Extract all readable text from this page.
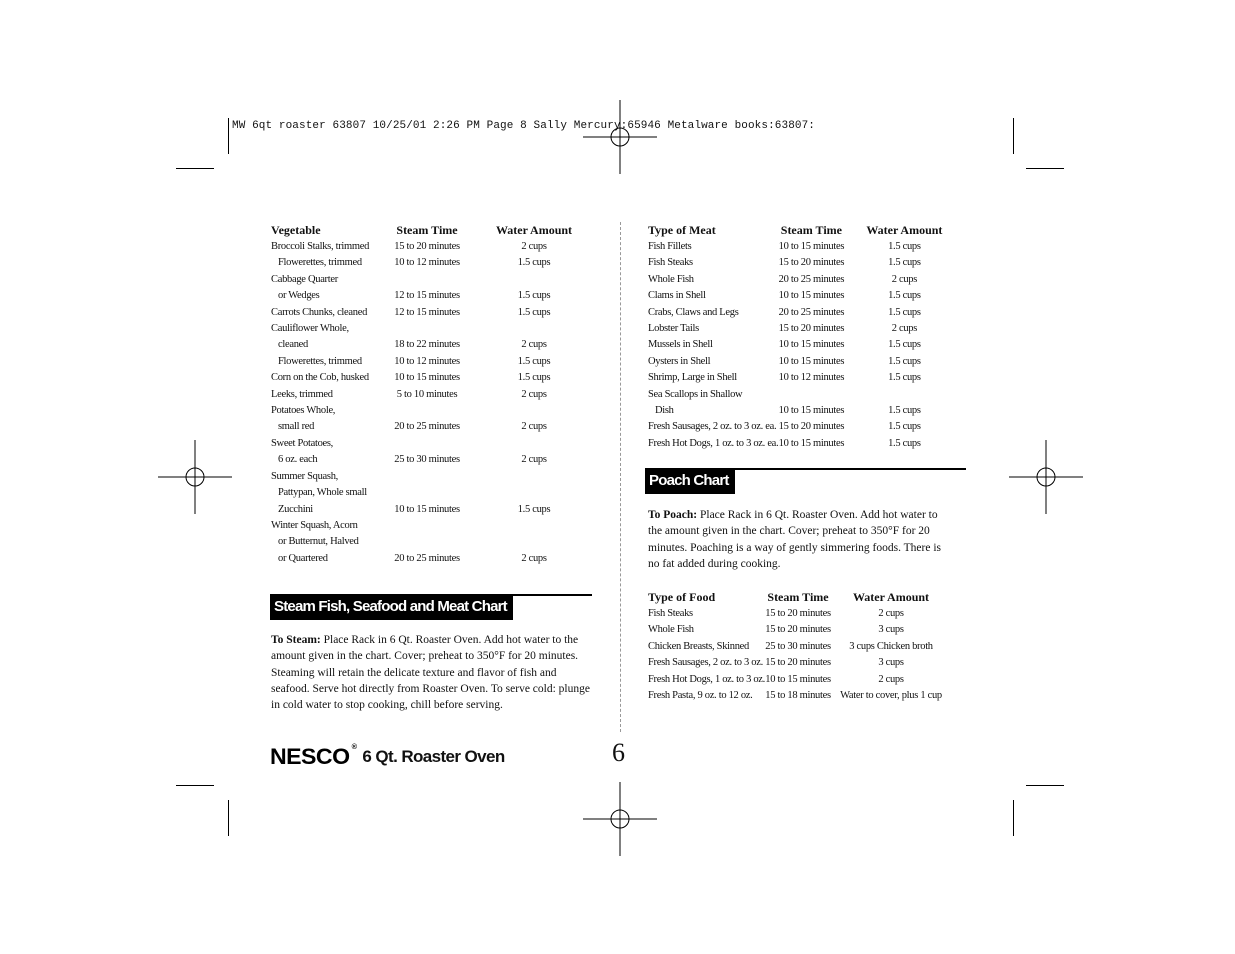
MW 6qt roaster 63807 10/25/01 2:26 PM Page 8 Sally Mercury:65946 Metalware books:63807:
Vegetable	Steam Time	Water Amount
Broccoli Stalks, trimmed	15 to 20 minutes	2 cups
Flowerettes, trimmed	10 to 12 minutes	1.5 cups
Cabbage Quarter		
or Wedges	12 to 15 minutes	1.5 cups
Carrots Chunks, cleaned	12 to 15 minutes	1.5 cups
Cauliflower Whole,		
cleaned	18 to 22 minutes	2 cups
Flowerettes, trimmed	10 to 12 minutes	1.5 cups
Corn on the Cob, husked	10 to 15 minutes	1.5 cups
Leeks, trimmed	5 to 10 minutes	2 cups
Potatoes Whole,		
small red	20 to 25 minutes	2 cups
Sweet Potatoes,		
6 oz. each	25 to 30 minutes	2 cups
Summer Squash,		
Pattypan, Whole small		
Zucchini	10 to 15 minutes	1.5 cups
Winter Squash, Acorn		
or Butternut, Halved		
or Quartered	20 to 25 minutes	2 cups
Steam Fish, Seafood and Meat Chart
To Steam: Place Rack in 6 Qt. Roaster Oven. Add hot water to the amount given in the chart. Cover; preheat to 350°F for 20 minutes. Steaming will retain the delicate texture and flavor of fish and seafood. Serve hot directly from Roaster Oven. To serve cold: plunge in cold water to stop cooking, chill before serving.
Type of Meat	Steam Time	Water Amount
Fish Fillets	10 to 15 minutes	1.5 cups
Fish Steaks	15 to 20 minutes	1.5 cups
Whole Fish	20 to 25 minutes	2 cups
Clams in Shell	10 to 15 minutes	1.5 cups
Crabs, Claws and Legs	20 to 25 minutes	1.5 cups
Lobster Tails	15 to 20 minutes	2 cups
Mussels in Shell	10 to 15 minutes	1.5 cups
Oysters in Shell	10 to 15 minutes	1.5 cups
Shrimp, Large in Shell	10 to 12 minutes	1.5 cups
Sea Scallops in Shallow		
Dish	10 to 15 minutes	1.5 cups
Fresh Sausages, 2 oz. to 3 oz. ea.	15 to 20 minutes	1.5 cups
Fresh Hot Dogs, 1 oz. to 3 oz. ea.	10 to 15 minutes	1.5 cups
Poach Chart
To Poach: Place Rack in 6 Qt. Roaster Oven. Add hot water to the amount given in the chart. Cover; preheat to 350°F for 20 minutes. Poaching is a way of gently simmering foods. There is no fat added during cooking.
Type of Food	Steam Time	Water Amount
Fish Steaks	15 to 20 minutes	2 cups
Whole Fish	15 to 20 minutes	3 cups
Chicken Breasts, Skinned	25 to 30 minutes	3 cups Chicken broth
Fresh Sausages, 2 oz. to 3 oz.	15 to 20 minutes	3 cups
Fresh Hot Dogs, 1 oz. to 3 oz.	10 to 15 minutes	2 cups
Fresh Pasta, 9 oz. to 12 oz.	15 to 18 minutes	Water to cover, plus 1 cup
NESCO ® 6 Qt. Roaster Oven	6
